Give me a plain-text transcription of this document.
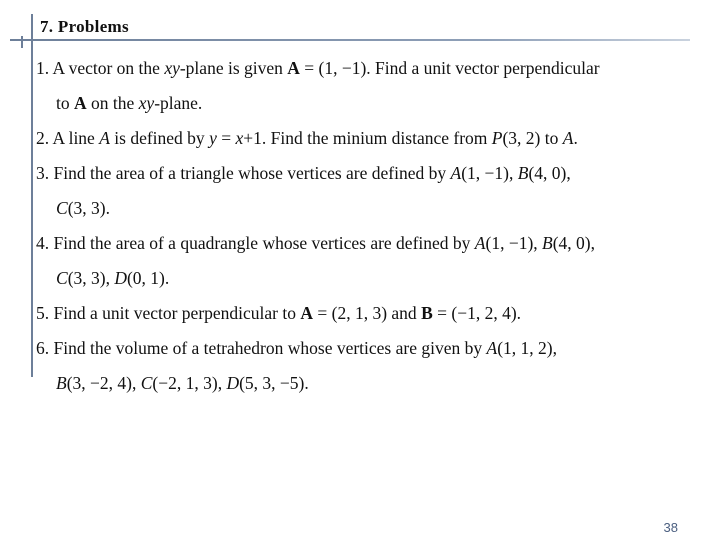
7. Problems
1. A vector on the xy-plane is given A = (1, −1). Find a unit vector perpendicular
to A on the xy-plane.
2. A line A is defined by y = x+1. Find the minium distance from P(3, 2) to A.
3. Find the area of a triangle whose vertices are defined by A(1, −1), B(4, 0),
C(3, 3).
4. Find the area of a quadrangle whose vertices are defined by A(1, −1), B(4, 0),
C(3, 3), D(0, 1).
5. Find a unit vector perpendicular to A = (2, 1, 3) and B = (−1, 2, 4).
6. Find the volume of a tetrahedron whose vertices are given by A(1, 1, 2),
B(3, −2, 4), C(−2, 1, 3), D(5, 3, −5).
38
